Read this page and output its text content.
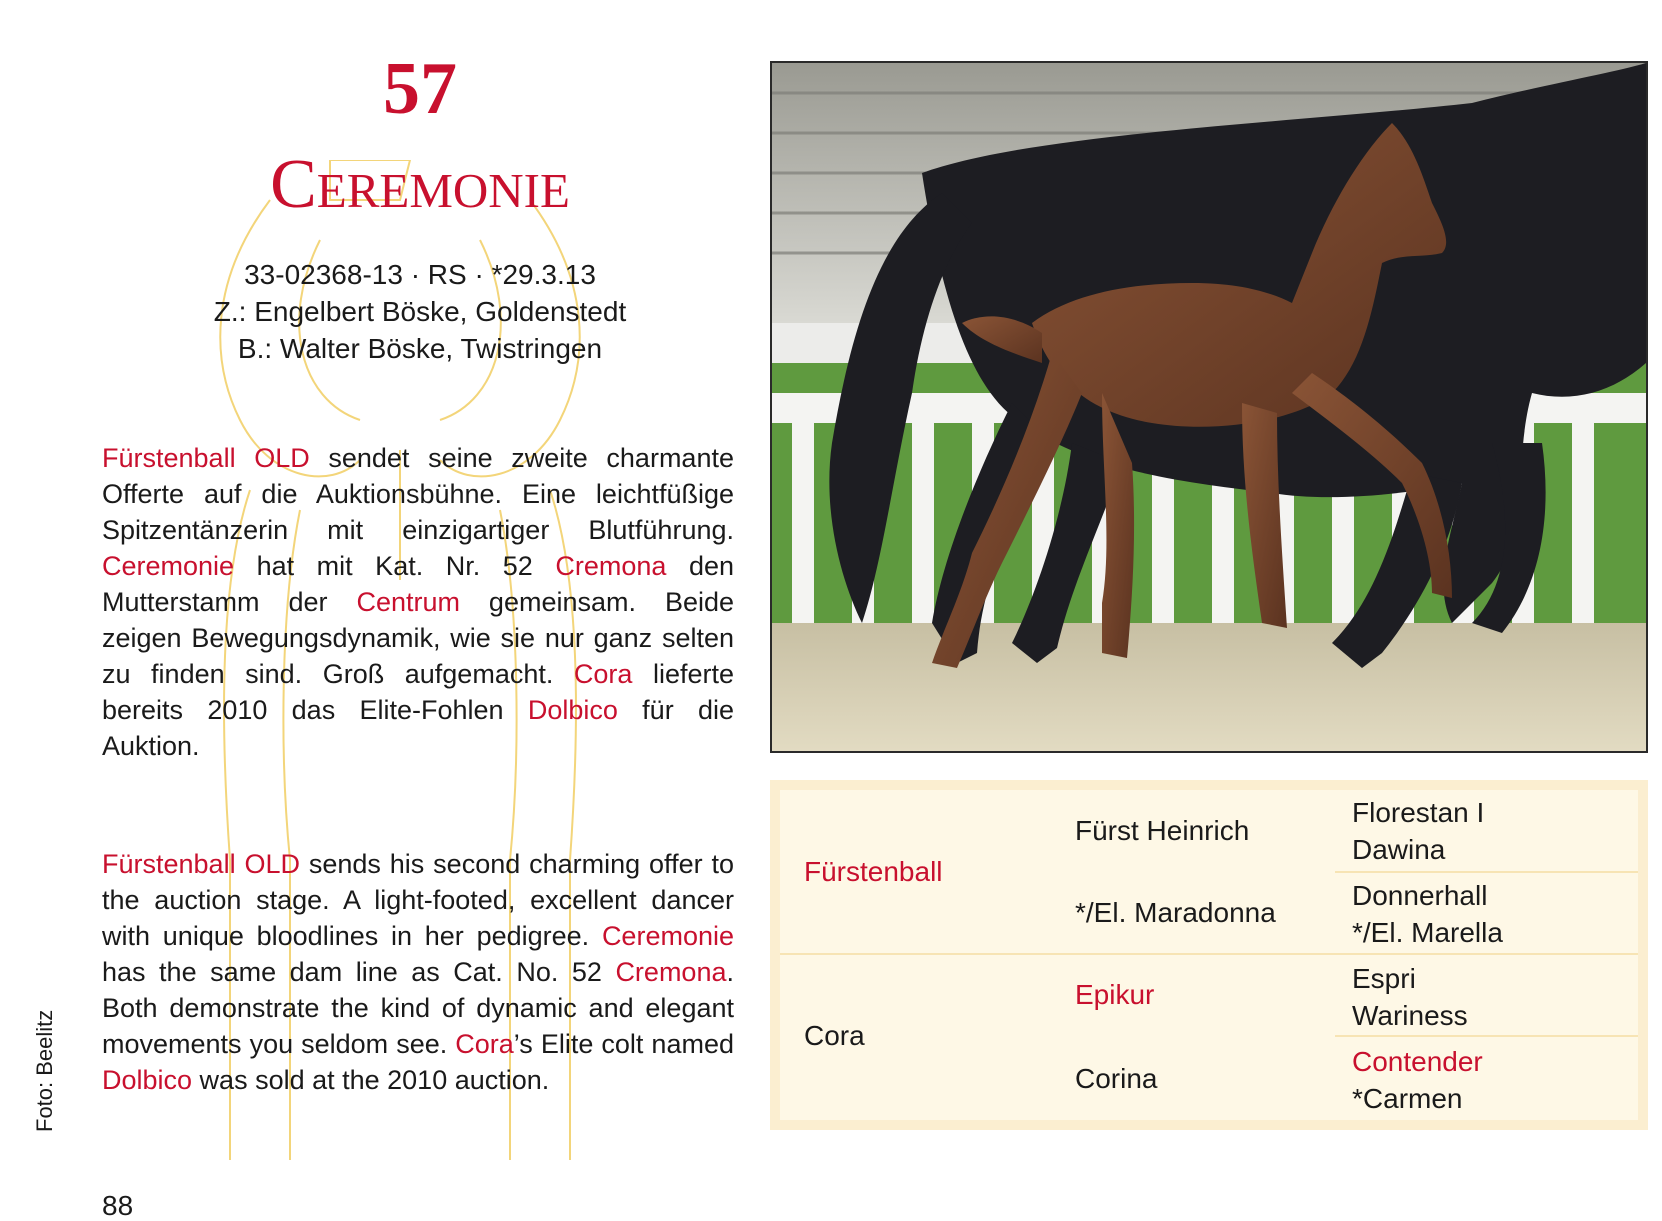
57
Ceremonie
33-02368-13 · RS · *29.3.13
Z.: Engelbert Böske, Goldenstedt
B.: Walter Böske, Twistringen
Fürstenball OLD sendet seine zweite charmante Offerte auf die Auktionsbühne. Eine leichtfüßige Spitzentänzerin mit einzigartiger Blutführung. Ceremonie hat mit Kat. Nr. 52 Cremona den Mutterstamm der Centrum gemeinsam. Beide zeigen Bewegungsdynamik, wie sie nur ganz selten zu finden sind. Groß aufgemacht. Cora lieferte bereits 2010 das Elite-Fohlen Dolbico für die Auktion.
Fürstenball OLD sends his second charming offer to the auction stage. A light-footed, excellent dancer with unique bloodlines in her pedigree. Ceremonie has the same dam line as Cat. No. 52 Cremona. Both demonstrate the kind of dynamic and elegant movements you seldom see. Cora’s Elite colt named Dolbico was sold at the 2010 auction.
Foto: Beelitz
88
Fürstenball
Cora
Fürst Heinrich
*/El. Maradonna
Epikur
Corina
Florestan I
Dawina
Donnerhall
*/El. Marella
Espri
Wariness
Contender
*Carmen
